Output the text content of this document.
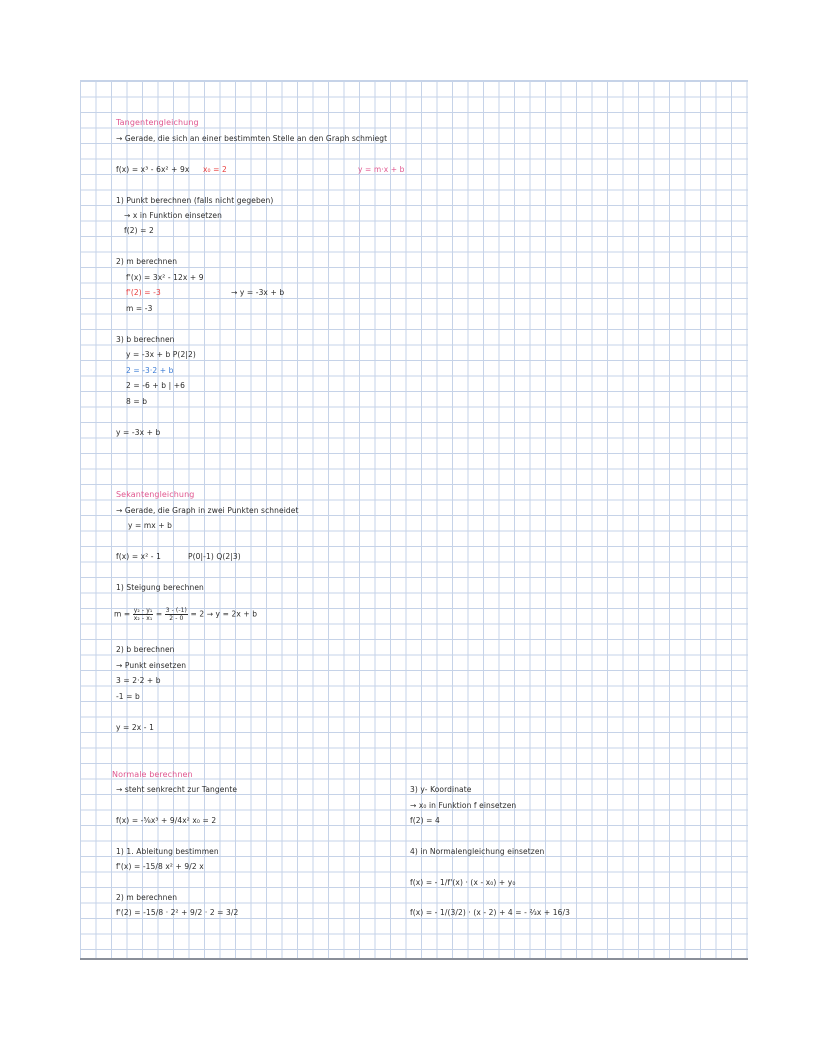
Tangentengleichung
→ Gerade, die sich an einer bestimmten Stelle an den Graph schmiegt
f(x) = x³ - 6x² + 9x x₀ = 2	y = m·x + b
1) Punkt berechnen (falls nicht gegeben)
→ x in Funktion einsetzen
f(2) = 2
2) m berechnen
f'(x) = 3x² - 12x + 9
f'(2) = -3	→ y = -3x + b
m = -3
3) b berechnen
y = -3x + b P(2|2)
2 = -3·2 + b
2 = -6 + b | +6
8 = b
y = -3x + b
Sekantengleichung
→ Gerade, die Graph in zwei Punkten schneidet
y = mx + b
f(x) = x² - 1	P(0|-1) Q(2|3)
1) Steigung berechnen
$m = \frac{\text{y₂ - y₁}}{\text{x₂ - x₁}} = \frac{3 - (-1)}{2 - 0} = 2 \to y = 2x + b$
2) b berechnen
→ Punkt einsetzen
3 = 2·2 + b
-1 = b
y = 2x - 1
Normale berechnen
→ steht senkrecht zur Tangente
f(x) = -⅝x³ + 9/4x² x₀ = 2
1) 1. Ableitung bestimmen
f'(x) = -15/8 x² + 9/2 x
2) m berechnen
f'(2) = -15/8 · 2² + 9/2 · 2 = 3/2
3) y- Koordinate
→ x₀ in Funktion f einsetzen
f(2) = 4
4) in Normalengleichung einsetzen
f(x) = - 1/f'(x) · (x - x₀) + y₀
f(x) = - 1/(3/2) · (x - 2) + 4 = - ⅔x + 16/3
